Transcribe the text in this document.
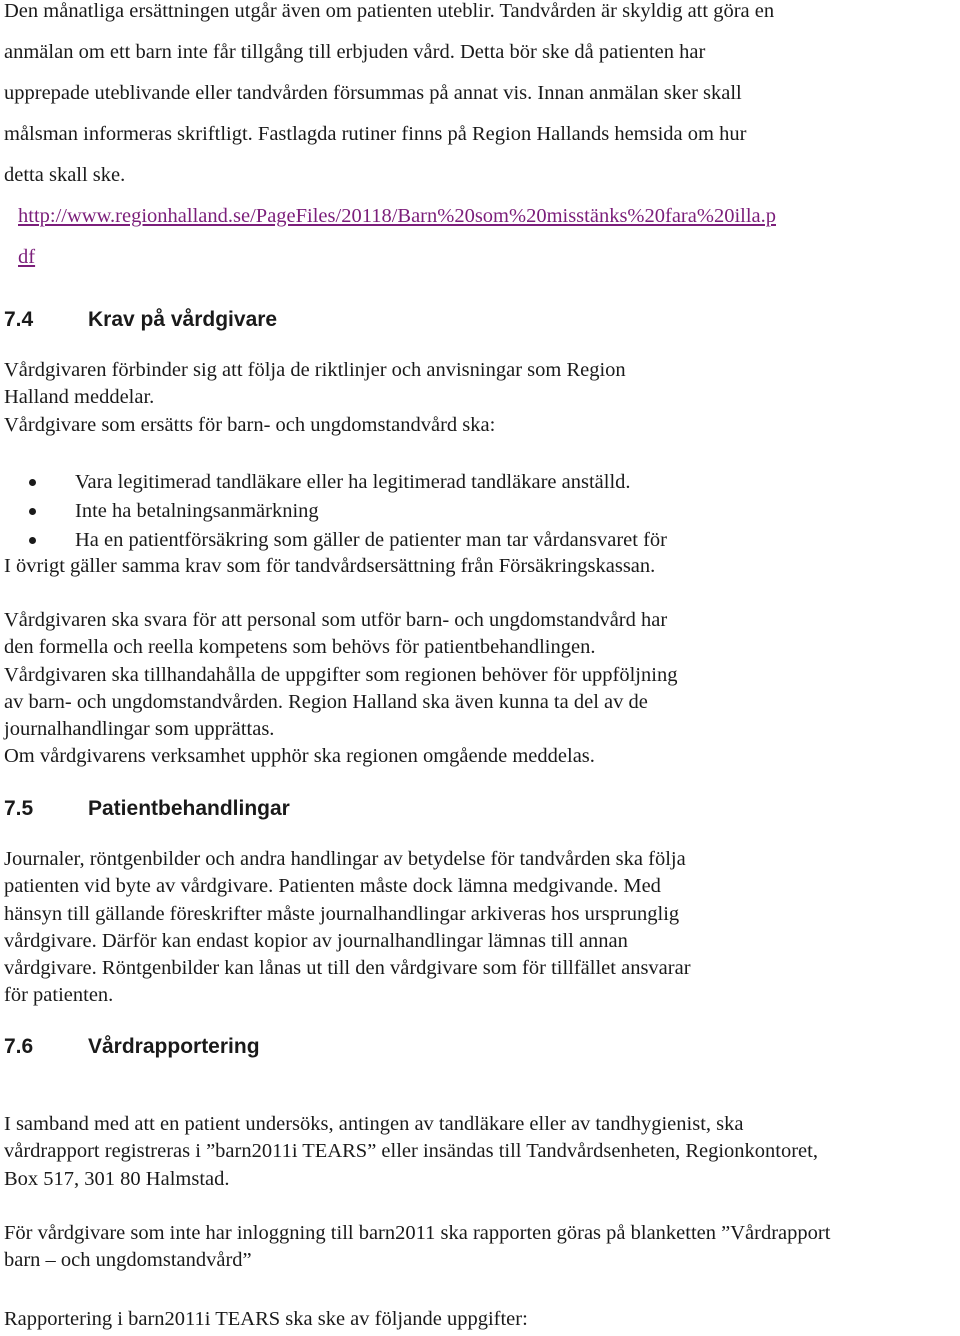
Den månatliga ersättningen utgår även om patienten uteblir. Tandvården är skyldig att göra en
anmälan om ett barn inte får tillgång till erbjuden vård. Detta bör ske då patienten har
upprepade uteblivande eller tandvården försummas på annat vis. Innan anmälan sker skall
målsman informeras skriftligt. Fastlagda rutiner finns på Region Hallands hemsida om hur
detta skall ske.

http://www.regionhalland.se/PageFiles/20118/Barn%20som%20misstänks%20fara%20illa.p
df
7.4	Krav på vårdgivare

Vårdgivaren förbinder sig att följa de riktlinjer och anvisningar som Region
Halland meddelar.
Vårdgivare som ersätts för barn- och ungdomstandvård ska:

Vara legitimerad tandläkare eller ha legitimerad tandläkare anställd.
Inte ha betalningsanmärkning
Ha en patientförsäkring som gäller de patienter man tar vårdansvaret för

I övrigt gäller samma krav som för tandvårdsersättning från Försäkringskassan.

Vårdgivaren ska svara för att personal som utför barn- och ungdomstandvård har
den formella och reella kompetens som behövs för patientbehandlingen.
Vårdgivaren ska tillhandahålla de uppgifter som regionen behöver för uppföljning
av barn- och ungdomstandvården. Region Halland ska även kunna ta del av de
journalhandlingar som upprättas.
Om vårdgivarens verksamhet upphör ska regionen omgående meddelas.

7.5	Patientbehandlingar

Journaler, röntgenbilder och andra handlingar av betydelse för tandvården ska följa
patienten vid byte av vårdgivare. Patienten måste dock lämna medgivande. Med
hänsyn till gällande föreskrifter måste journalhandlingar arkiveras hos ursprunglig
vårdgivare. Därför kan endast kopior av journalhandlingar lämnas till annan
vårdgivare. Röntgenbilder kan lånas ut till den vårdgivare som för tillfället ansvarar
för patienten.

7.6	Vårdrapportering

I samband med att en patient undersöks, antingen av tandläkare eller av tandhygienist, ska
vårdrapport registreras i ”barn2011i TEARS” eller insändas till Tandvårdsenheten, Regionkontoret,
Box 517, 301 80 Halmstad.

För vårdgivare som inte har inloggning till barn2011 ska rapporten göras på blanketten ”Vårdrapport
barn – och ungdomstandvård”

Rapportering i barn2011i TEARS ska ske av följande uppgifter:
